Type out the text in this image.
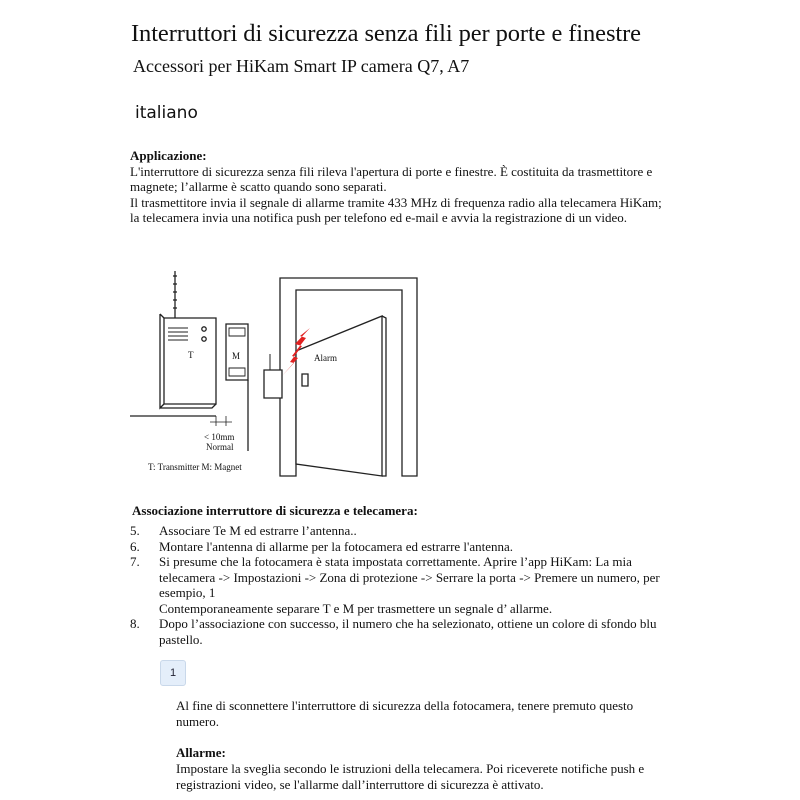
Interruttori di sicurezza senza fili per porte e finestre
Accessori per HiKam Smart IP camera Q7, A7
italiano

Applicazione:

L'interruttore di sicurezza senza fili rileva l'apertura di porte e finestre. È costituita da trasmettitore e magnete; l’allarme è scatto quando sono separati.

Il trasmettitore invia il segnale di allarme tramite 433 MHz di frequenza radio alla telecamera HiKam; la telecamera invia una notifica push per telefono ed e-mail e avvia la registrazione di un video.

T	M
< 10mm
Normal
T: Transmitter M: Magnet
Alarm
Associazione interruttore di sicurezza e telecamera:
5. Associare Te M ed estrarre l’antenna..
6. Montare l'antenna di allarme per la fotocamera ed estrarre l'antenna.
7. Si presume che la fotocamera è stata impostata correttamente. Aprire l’app HiKam: La mia telecamera -> Impostazioni -> Zona di protezione -> Serrare la porta -> Premere un numero, per esempio, 1
Contemporaneamente separare T e M per trasmettere un segnale d’ allarme.
8. Dopo l’associazione con successo, il numero che ha selezionato, ottiene un colore di sfondo blu pastello.
1
Al fine di sconnettere l'interruttore di sicurezza della fotocamera, tenere premuto questo numero.
Allarme:
Impostare la sveglia secondo le istruzioni della telecamera. Poi riceverete notifiche push e registrazioni video, se l'allarme dall’interruttore di sicurezza è attivato.
